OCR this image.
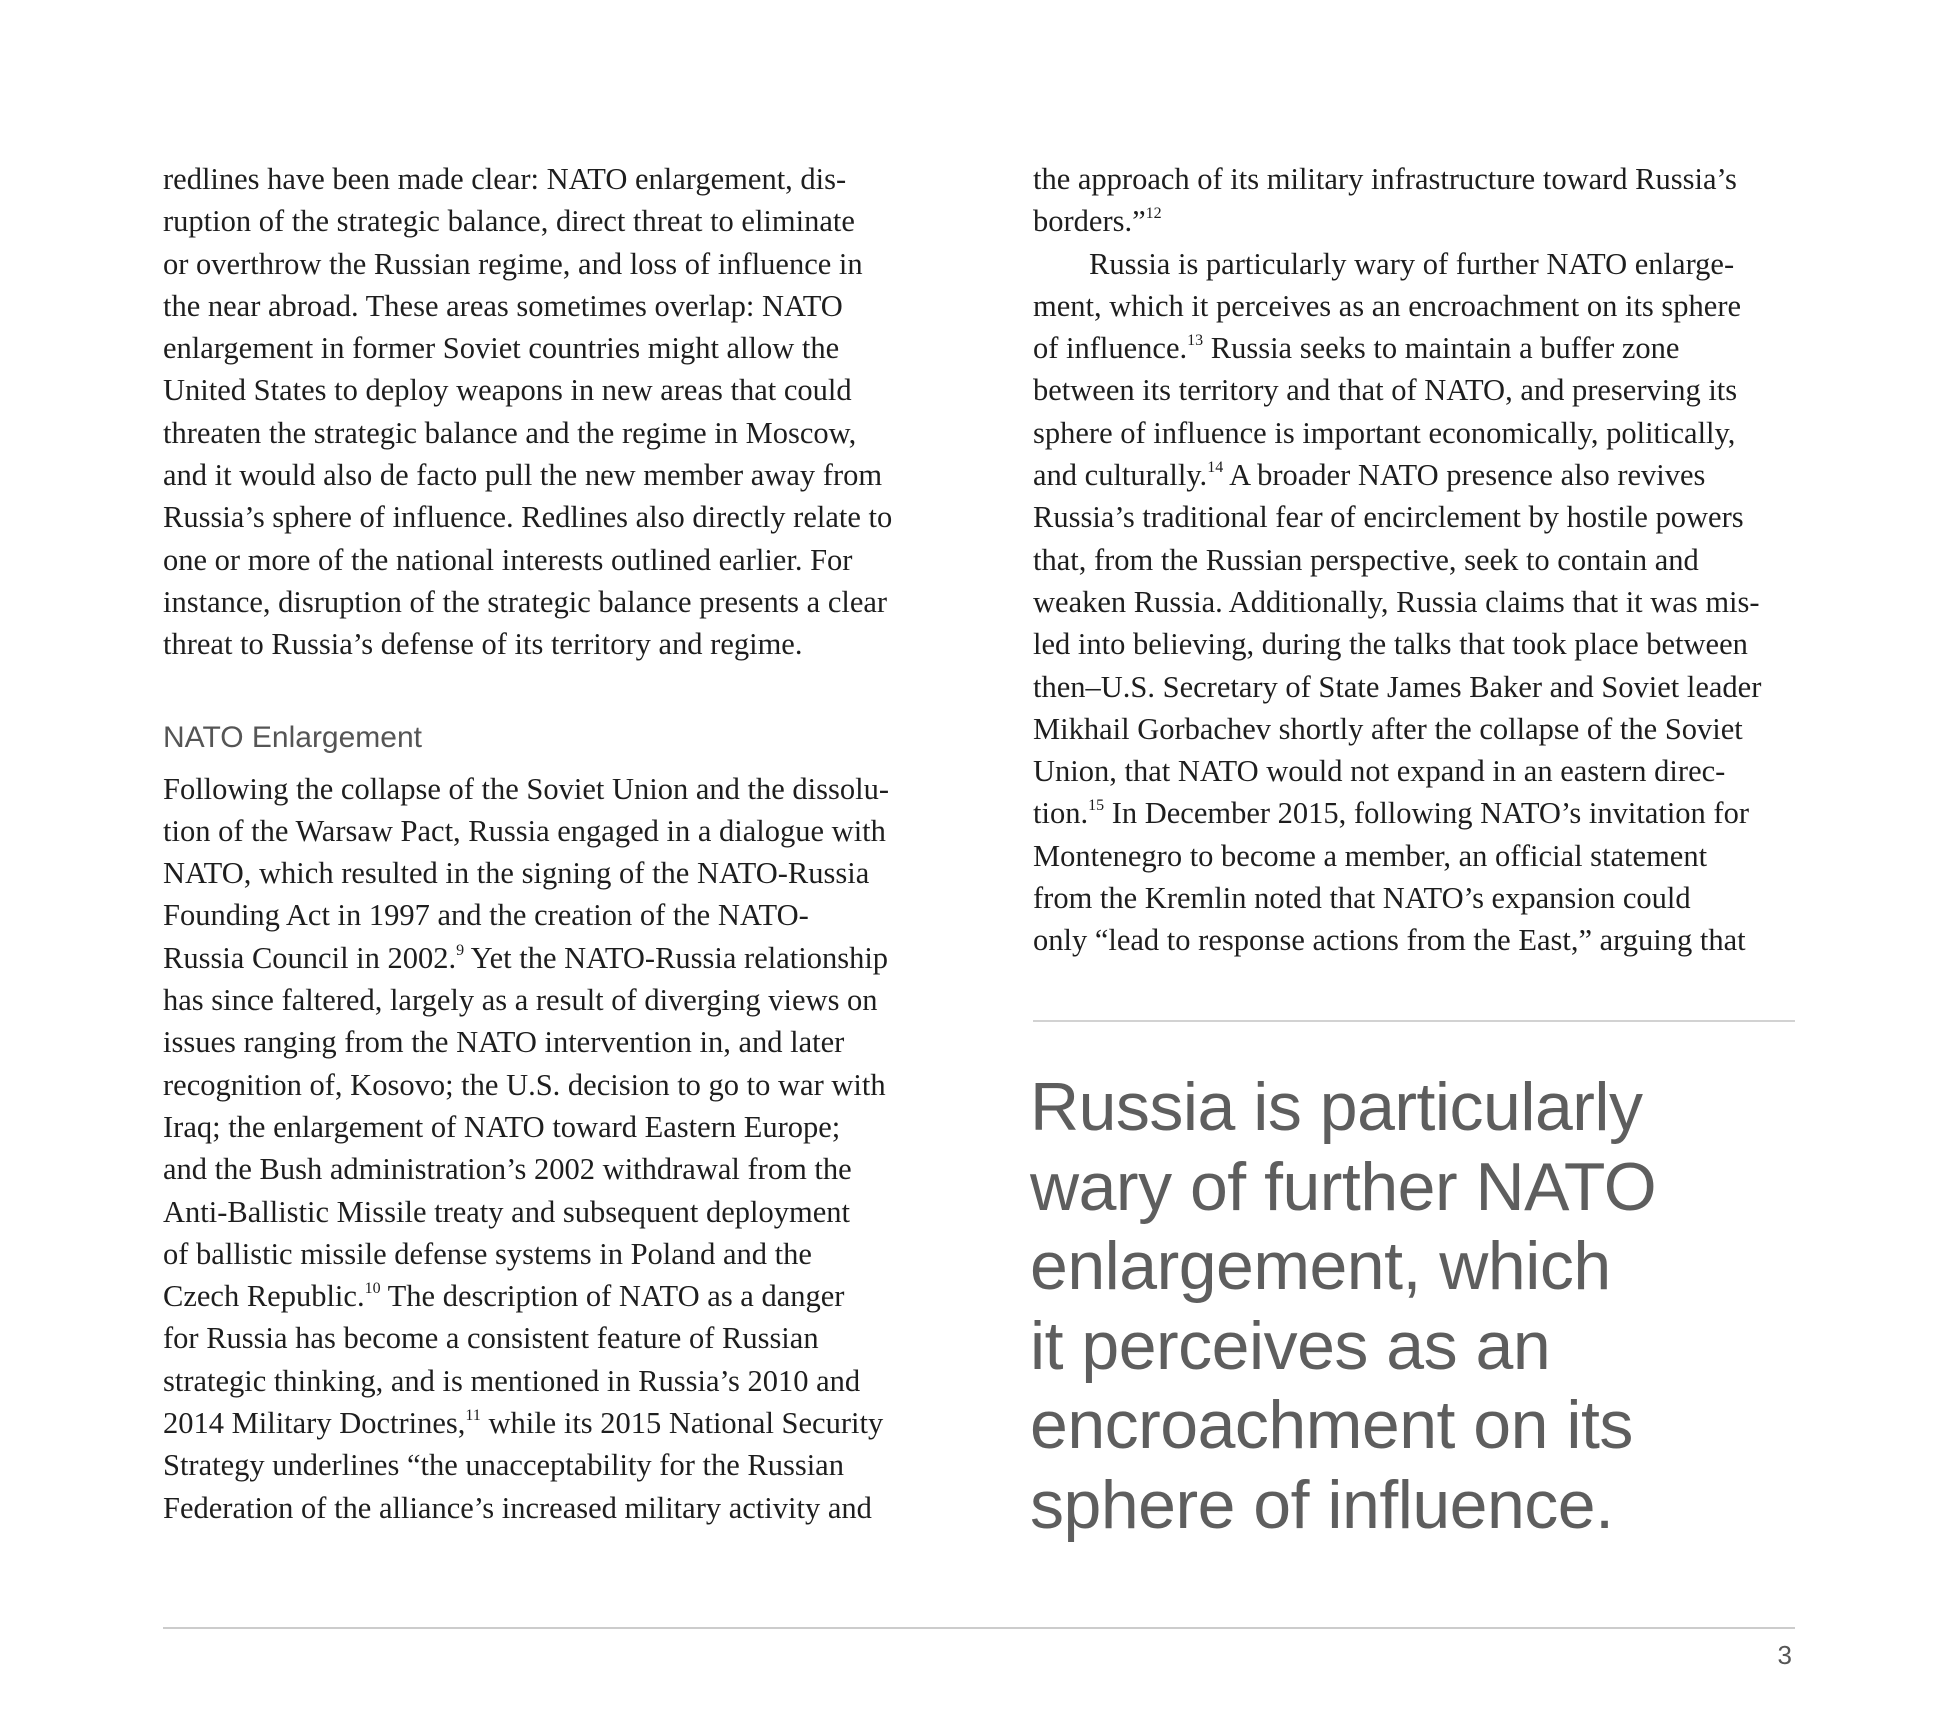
redlines have been made clear: NATO enlargement, dis-
ruption of the strategic balance, direct threat to eliminate
or overthrow the Russian regime, and loss of influence in
the near abroad. These areas sometimes overlap: NATO
enlargement in former Soviet countries might allow the
United States to deploy weapons in new areas that could
threaten the strategic balance and the regime in Moscow,
and it would also de facto pull the new member away from
Russia’s sphere of influence. Redlines also directly relate to
one or more of the national interests outlined earlier. For
instance, disruption of the strategic balance presents a clear
threat to Russia’s defense of its territory and regime.
NATO Enlargement
Following the collapse of the Soviet Union and the dissolu-
tion of the Warsaw Pact, Russia engaged in a dialogue with
NATO, which resulted in the signing of the NATO-Russia
Founding Act in 1997 and the creation of the NATO-
Russia Council in 2002.$^9$ Yet the NATO-Russia relationship
has since faltered, largely as a result of diverging views on
issues ranging from the NATO intervention in, and later
recognition of, Kosovo; the U.S. decision to go to war with
Iraq; the enlargement of NATO toward Eastern Europe;
and the Bush administration’s 2002 withdrawal from the
Anti-Ballistic Missile treaty and subsequent deployment
of ballistic missile defense systems in Poland and the
Czech Republic.$^{10}$ The description of NATO as a danger
for Russia has become a consistent feature of Russian
strategic thinking, and is mentioned in Russia’s 2010 and
2014 Military Doctrines,$^{11}$ while its 2015 National Security
Strategy underlines “the unacceptability for the Russian
Federation of the alliance’s increased military activity and
the approach of its military infrastructure toward Russia’s
borders.”$^{12}$
Russia is particularly wary of further NATO enlarge-
ment, which it perceives as an encroachment on its sphere
of influence.$^{13}$ Russia seeks to maintain a buffer zone
between its territory and that of NATO, and preserving its
sphere of influence is important economically, politically,
and culturally.$^{14}$ A broader NATO presence also revives
Russia’s traditional fear of encirclement by hostile powers
that, from the Russian perspective, seek to contain and
weaken Russia. Additionally, Russia claims that it was mis-
led into believing, during the talks that took place between
then–U.S. Secretary of State James Baker and Soviet leader
Mikhail Gorbachev shortly after the collapse of the Soviet
Union, that NATO would not expand in an eastern direc-
tion.$^{15}$ In December 2015, following NATO’s invitation for
Montenegro to become a member, an official statement
from the Kremlin noted that NATO’s expansion could
only “lead to response actions from the East,” arguing that
Russia is particularly
wary of further NATO
enlargement, which
it perceives as an
encroachment on its
sphere of influence.
3
